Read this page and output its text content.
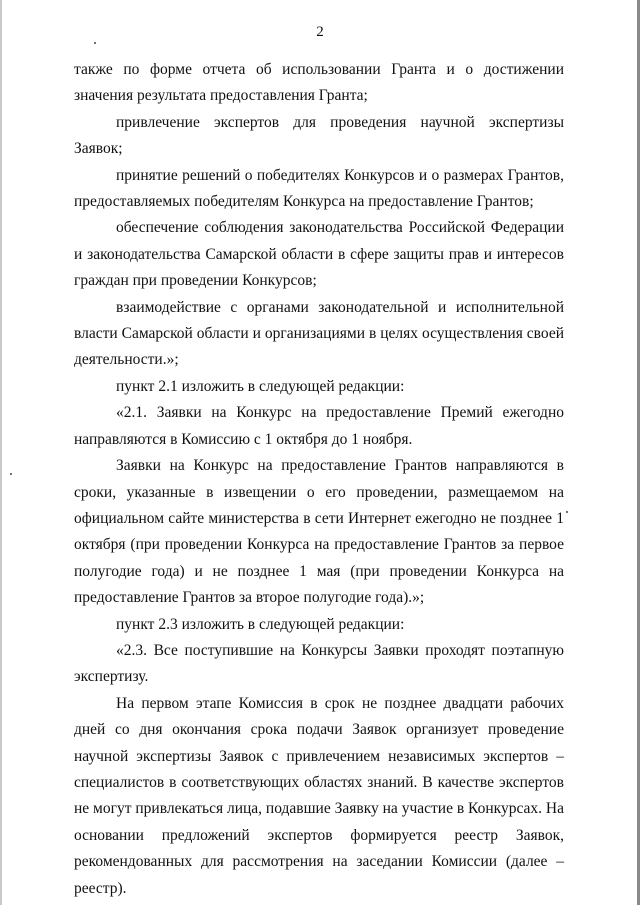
2

также по форме отчета об использовании Гранта и о достижении значения результата предоставления Гранта;

привлечение экспертов для проведения научной экспертизы Заявок;

принятие решений о победителях Конкурсов и о размерах Грантов, предоставляемых победителям Конкурса на предоставление Грантов;

обеспечение соблюдения законодательства Российской Федерации и законодательства Самарской области в сфере защиты прав и интересов граждан при проведении Конкурсов;

взаимодействие с органами законодательной и исполнительной власти Самарской области и организациями в целях осуществления своей деятельности.»;

пункт 2.1 изложить в следующей редакции:

«2.1. Заявки на Конкурс на предоставление Премий ежегодно направляются в Комиссию с 1 октября до 1 ноября.

Заявки на Конкурс на предоставление Грантов направляются в сроки, указанные в извещении о его проведении, размещаемом на официальном сайте министерства в сети Интернет ежегодно не позднее 1 октября (при проведении Конкурса на предоставление Грантов за первое полугодие года) и не позднее 1 мая (при проведении Конкурса на предоставление Грантов за второе полугодие года).»;

пункт 2.3 изложить в следующей редакции:

«2.3. Все поступившие на Конкурсы Заявки проходят поэтапную экспертизу.

На первом этапе Комиссия в срок не позднее двадцати рабочих дней со дня окончания срока подачи Заявок организует проведение научной экспертизы Заявок с привлечением независимых экспертов – специалистов в соответствующих областях знаний. В качестве экспертов не могут привлекаться лица, подавшие Заявку на участие в Конкурсах. На основании предложений экспертов формируется реестр Заявок, рекомендованных для рассмотрения на заседании Комиссии (далее – реестр).
